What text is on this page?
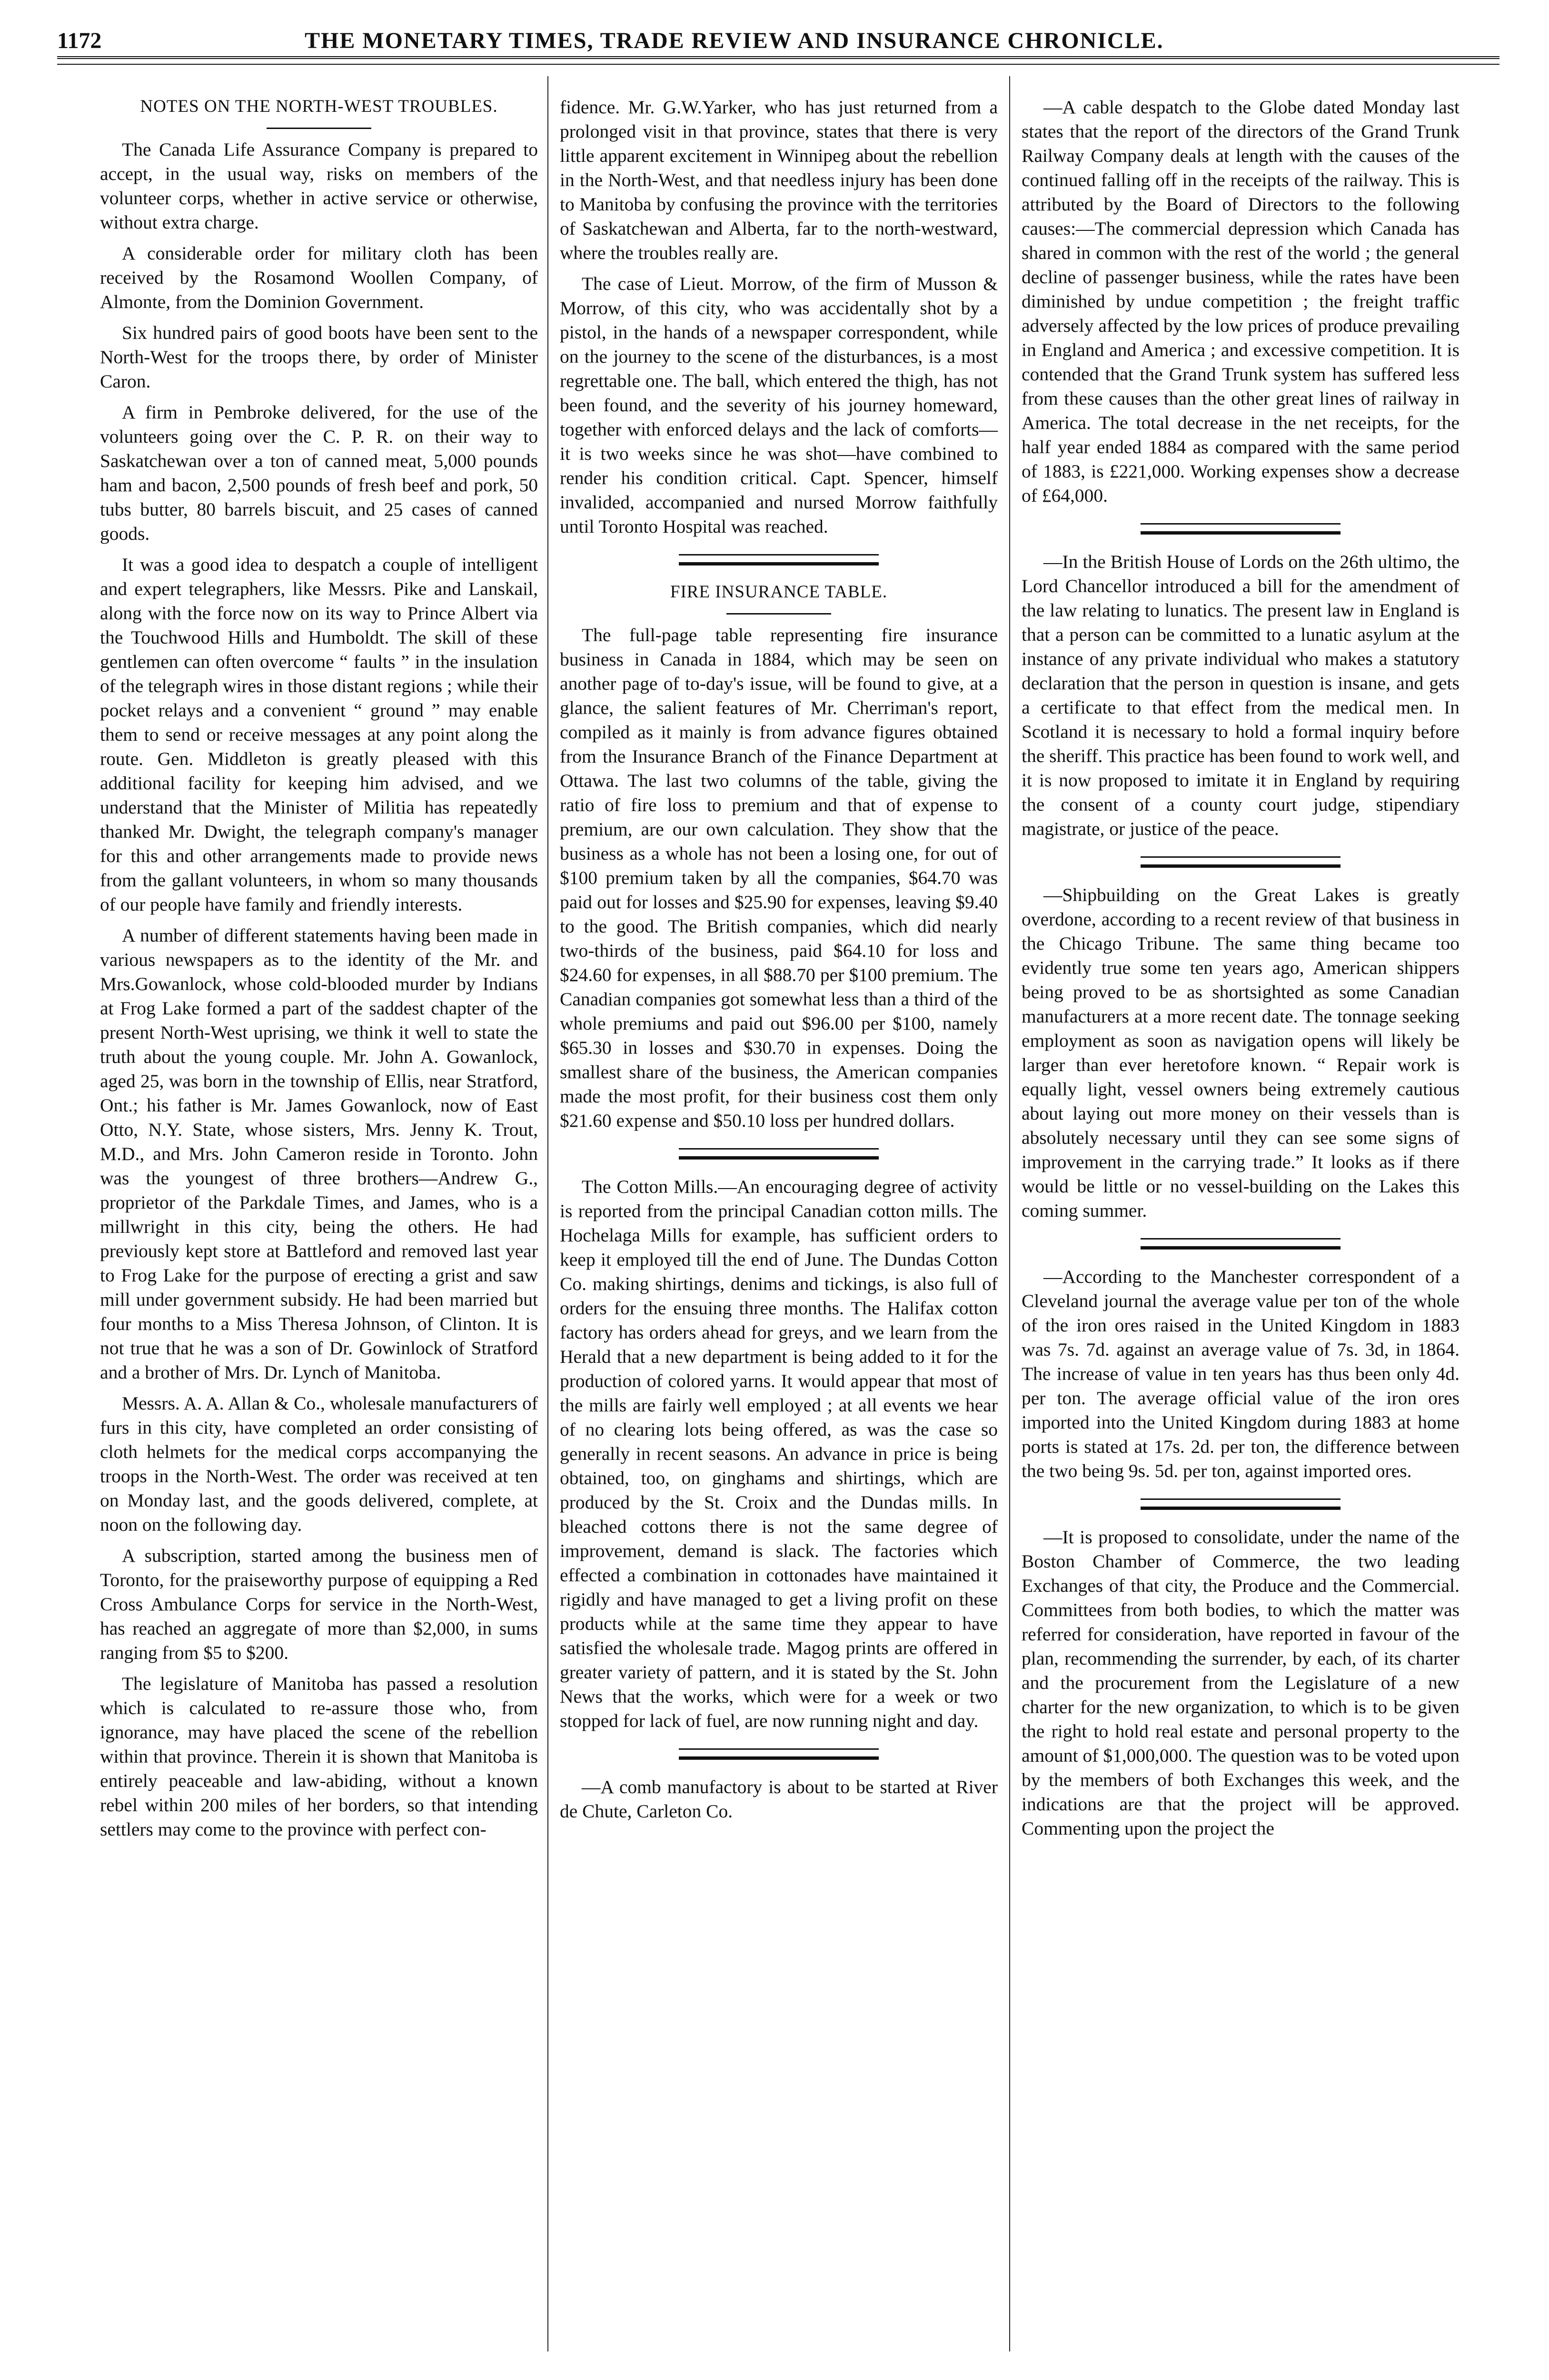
1172	THE MONETARY TIMES, TRADE REVIEW AND INSURANCE CHRONICLE.
NOTES ON THE NORTH-WEST TROUBLES.

The Canada Life Assurance Company is prepared to accept, in the usual way, risks on members of the volunteer corps, whether in active service or otherwise, without extra charge.

A considerable order for military cloth has been received by the Rosamond Woollen Company, of Almonte, from the Dominion Government.

Six hundred pairs of good boots have been sent to the North-West for the troops there, by order of Minister Caron.

A firm in Pembroke delivered, for the use of the volunteers going over the C. P. R. on their way to Saskatchewan over a ton of canned meat, 5,000 pounds ham and bacon, 2,500 pounds of fresh beef and pork, 50 tubs butter, 80 barrels biscuit, and 25 cases of canned goods.

It was a good idea to despatch a couple of intelligent and expert telegraphers, like Messrs. Pike and Lanskail, along with the force now on its way to Prince Albert via the Touchwood Hills and Humboldt. The skill of these gentlemen can often overcome “ faults ” in the insulation of the telegraph wires in those distant regions ; while their pocket relays and a convenient “ ground ” may enable them to send or receive messages at any point along the route. Gen. Middleton is greatly pleased with this additional facility for keeping him advised, and we understand that the Minister of Militia has repeatedly thanked Mr. Dwight, the telegraph company's manager for this and other arrangements made to provide news from the gallant volunteers, in whom so many thousands of our people have family and friendly interests.

A number of different statements having been made in various newspapers as to the identity of the Mr. and Mrs.Gowanlock, whose cold-blooded murder by Indians at Frog Lake formed a part of the saddest chapter of the present North-West uprising, we think it well to state the truth about the young couple. Mr. John A. Gowanlock, aged 25, was born in the township of Ellis, near Stratford, Ont.; his father is Mr. James Gowanlock, now of East Otto, N.Y. State, whose sisters, Mrs. Jenny K. Trout, M.D., and Mrs. John Cameron reside in Toronto. John was the youngest of three brothers—Andrew G., proprietor of the Parkdale Times, and James, who is a millwright in this city, being the others. He had previously kept store at Battleford and removed last year to Frog Lake for the purpose of erecting a grist and saw mill under government subsidy. He had been married but four months to a Miss Theresa Johnson, of Clinton. It is not true that he was a son of Dr. Gowinlock of Stratford and a brother of Mrs. Dr. Lynch of Manitoba.

Messrs. A. A. Allan & Co., wholesale manufacturers of furs in this city, have completed an order consisting of cloth helmets for the medical corps accompanying the troops in the North-West. The order was received at ten on Monday last, and the goods delivered, complete, at noon on the following day.

A subscription, started among the business men of Toronto, for the praiseworthy purpose of equipping a Red Cross Ambulance Corps for service in the North-West, has reached an aggregate of more than $2,000, in sums ranging from $5 to $200.

The legislature of Manitoba has passed a resolution which is calculated to re-assure those who, from ignorance, may have placed the scene of the rebellion within that province. Therein it is shown that Manitoba is entirely peaceable and law-abiding, without a known rebel within 200 miles of her borders, so that intending settlers may come to the province with perfect con-

fidence. Mr. G.W.Yarker, who has just returned from a prolonged visit in that province, states that there is very little apparent excitement in Winnipeg about the rebellion in the North-West, and that needless injury has been done to Manitoba by confusing the province with the territories of Saskatchewan and Alberta, far to the north-westward, where the troubles really are.

The case of Lieut. Morrow, of the firm of Musson & Morrow, of this city, who was accidentally shot by a pistol, in the hands of a newspaper correspondent, while on the journey to the scene of the disturbances, is a most regrettable one. The ball, which entered the thigh, has not been found, and the severity of his journey homeward, together with enforced delays and the lack of comforts—it is two weeks since he was shot—have combined to render his condition critical. Capt. Spencer, himself invalided, accompanied and nursed Morrow faithfully until Toronto Hospital was reached.

FIRE INSURANCE TABLE.

The full-page table representing fire insurance business in Canada in 1884, which may be seen on another page of to-day's issue, will be found to give, at a glance, the salient features of Mr. Cherriman's report, compiled as it mainly is from advance figures obtained from the Insurance Branch of the Finance Department at Ottawa. The last two columns of the table, giving the ratio of fire loss to premium and that of expense to premium, are our own calculation. They show that the business as a whole has not been a losing one, for out of $100 premium taken by all the companies, $64.70 was paid out for losses and $25.90 for expenses, leaving $9.40 to the good. The British companies, which did nearly two-thirds of the business, paid $64.10 for loss and $24.60 for expenses, in all $88.70 per $100 premium. The Canadian companies got somewhat less than a third of the whole premiums and paid out $96.00 per $100, namely $65.30 in losses and $30.70 in expenses. Doing the smallest share of the business, the American companies made the most profit, for their business cost them only $21.60 expense and $50.10 loss per hundred dollars.

The Cotton Mills.—An encouraging degree of activity is reported from the principal Canadian cotton mills. The Hochelaga Mills for example, has sufficient orders to keep it employed till the end of June. The Dundas Cotton Co. making shirtings, denims and tickings, is also full of orders for the ensuing three months. The Halifax cotton factory has orders ahead for greys, and we learn from the Herald that a new department is being added to it for the production of colored yarns. It would appear that most of the mills are fairly well employed ; at all events we hear of no clearing lots being offered, as was the case so generally in recent seasons. An advance in price is being obtained, too, on ginghams and shirtings, which are produced by the St. Croix and the Dundas mills. In bleached cottons there is not the same degree of improvement, demand is slack. The factories which effected a combination in cottonades have maintained it rigidly and have managed to get a living profit on these products while at the same time they appear to have satisfied the wholesale trade. Magog prints are offered in greater variety of pattern, and it is stated by the St. John News that the works, which were for a week or two stopped for lack of fuel, are now running night and day.

—A comb manufactory is about to be started at River de Chute, Carleton Co.

—A cable despatch to the Globe dated Monday last states that the report of the directors of the Grand Trunk Railway Company deals at length with the causes of the continued falling off in the receipts of the railway. This is attributed by the Board of Directors to the following causes:—The commercial depression which Canada has shared in common with the rest of the world ; the general decline of passenger business, while the rates have been diminished by undue competition ; the freight traffic adversely affected by the low prices of produce prevailing in England and America ; and excessive competition. It is contended that the Grand Trunk system has suffered less from these causes than the other great lines of railway in America. The total decrease in the net receipts, for the half year ended 1884 as compared with the same period of 1883, is £221,000. Working expenses show a decrease of £64,000.

—In the British House of Lords on the 26th ultimo, the Lord Chancellor introduced a bill for the amendment of the law relating to lunatics. The present law in England is that a person can be committed to a lunatic asylum at the instance of any private individual who makes a statutory declaration that the person in question is insane, and gets a certificate to that effect from the medical men. In Scotland it is necessary to hold a formal inquiry before the sheriff. This practice has been found to work well, and it is now proposed to imitate it in England by requiring the consent of a county court judge, stipendiary magistrate, or justice of the peace.

—Shipbuilding on the Great Lakes is greatly overdone, according to a recent review of that business in the Chicago Tribune. The same thing became too evidently true some ten years ago, American shippers being proved to be as shortsighted as some Canadian manufacturers at a more recent date. The tonnage seeking employment as soon as navigation opens will likely be larger than ever heretofore known. “ Repair work is equally light, vessel owners being extremely cautious about laying out more money on their vessels than is absolutely necessary until they can see some signs of improvement in the carrying trade.” It looks as if there would be little or no vessel-building on the Lakes this coming summer.

—According to the Manchester correspondent of a Cleveland journal the average value per ton of the whole of the iron ores raised in the United Kingdom in 1883 was 7s. 7d. against an average value of 7s. 3d, in 1864. The increase of value in ten years has thus been only 4d. per ton. The average official value of the iron ores imported into the United Kingdom during 1883 at home ports is stated at 17s. 2d. per ton, the difference between the two being 9s. 5d. per ton, against imported ores.

—It is proposed to consolidate, under the name of the Boston Chamber of Commerce, the two leading Exchanges of that city, the Produce and the Commercial. Committees from both bodies, to which the matter was referred for consideration, have reported in favour of the plan, recommending the surrender, by each, of its charter and the procurement from the Legislature of a new charter for the new organization, to which is to be given the right to hold real estate and personal property to the amount of $1,000,000. The question was to be voted upon by the members of both Exchanges this week, and the indications are that the project will be approved. Commenting upon the project the
